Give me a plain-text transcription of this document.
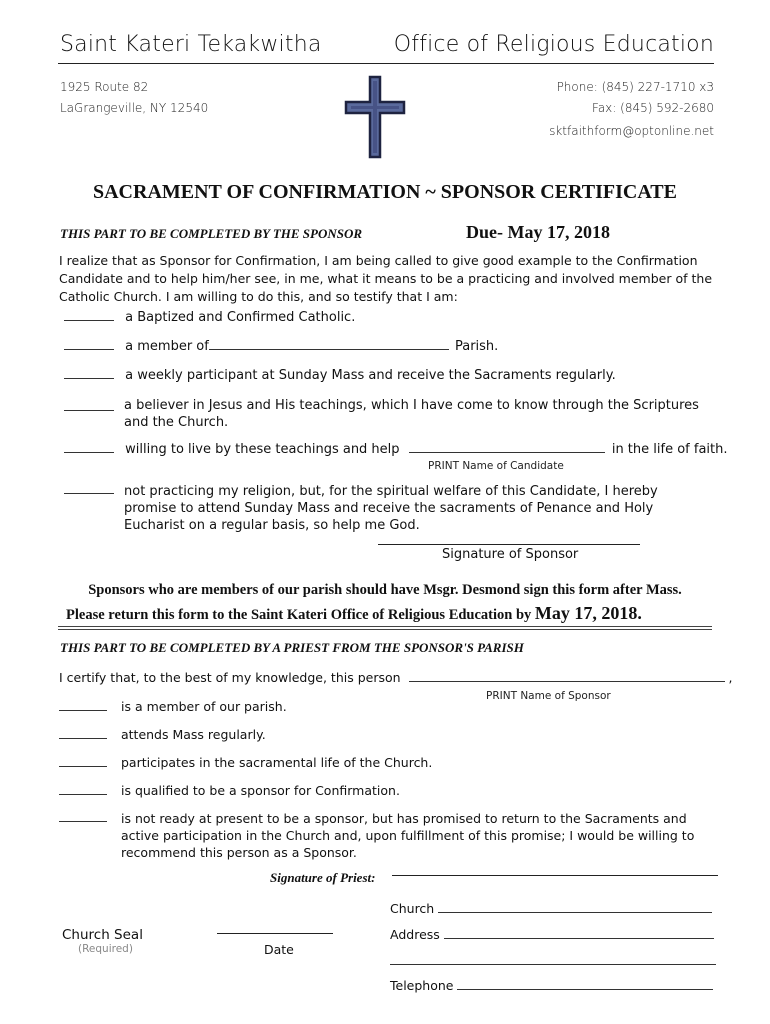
Saint Kateri Tekakwitha	Office of Religious Education
1925 Route 82
LaGrangeville, NY 12540
Phone: (845) 227-1710 x3
Fax: (845) 592-2680
sktfaithform@optonline.net
SACRAMENT OF CONFIRMATION ~ SPONSOR CERTIFICATE
THIS PART TO BE COMPLETED BY THE SPONSOR	Due- May 17, 2018
I realize that as Sponsor for Confirmation, I am being called to give good example to the Confirmation Candidate and to help him/her see, in me, what it means to be a practicing and involved member of the Catholic Church. I am willing to do this, and so testify that I am:
a Baptized and Confirmed Catholic.
a member of	Parish.
a weekly participant at Sunday Mass and receive the Sacraments regularly.
a believer in Jesus and His teachings, which I have come to know through the Scriptures and the Church.
willing to live by these teachings and help	in the life of faith.
PRINT Name of Candidate
not practicing my religion, but, for the spiritual welfare of this Candidate, I hereby promise to attend Sunday Mass and receive the sacraments of Penance and Holy Eucharist on a regular basis, so help me God.
Signature of Sponsor
Sponsors who are members of our parish should have Msgr. Desmond sign this form after Mass.
Please return this form to the Saint Kateri Office of Religious Education by May 17, 2018.
THIS PART TO BE COMPLETED BY A PRIEST FROM THE SPONSOR'S PARISH
I certify that, to the best of my knowledge, this person	,
PRINT Name of Sponsor
is a member of our parish.
attends Mass regularly.
participates in the sacramental life of the Church.
is qualified to be a sponsor for Confirmation.
is not ready at present to be a sponsor, but has promised to return to the Sacraments and active participation in the Church and, upon fulfillment of this promise; I would be willing to recommend this person as a Sponsor.
Signature of Priest:
Church
Address
Telephone
Church Seal
(Required)	Date
